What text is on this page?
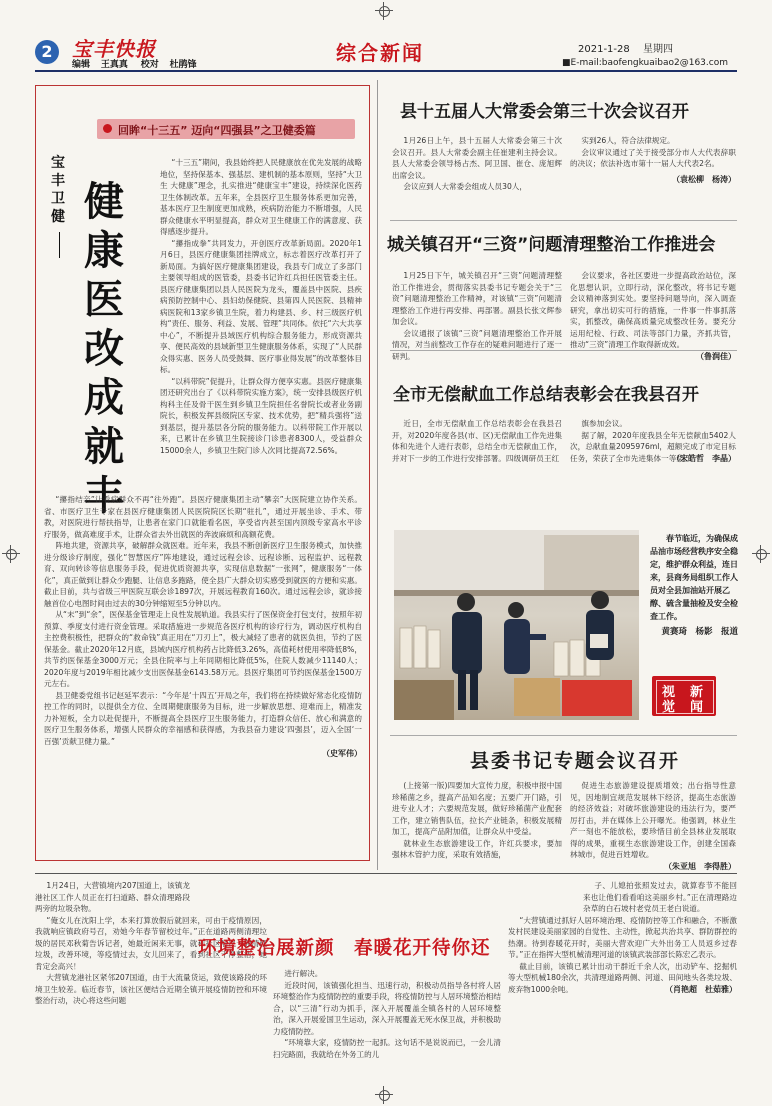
2 宝丰快报
编辑 王真真 校对 杜鹃锋	综合新闻	2021-1-28 星期四
■E-mail:baofengkuaibao2@163.com
回眸“十三五” 迈向“四强县”之卫健委篇
宝丰卫健 健康医改成就丰

“十三五”期间，我县始终把人民健康放在优先发展的战略地位，坚持保基本、强基层、建机制的基本原则，坚持“大卫生 大健康”理念，扎实推进“健康宝丰”建设，持续深化医药卫生体制改革。五年来，全县医疗卫生服务体系更加完善，基本医疗卫生制度更加成熟，疾病防治能力不断增强，人民群众健康水平明显提高，群众对卫生健康工作的满意度、获得感逐步提升。

“攥指成拳”共同发力，开创医疗改革新局面。2020年1月6日，县医疗健康集团挂牌成立，标志着医疗改革打开了新局面。为搞好医疗健康集团建设，我县专门成立了多部门主要领导组成的医管委，县委书记许红兵担任医管委主任。县医疗健康集团以县人民医院为龙头，覆盖县中医院、县疾病预防控制中心、县妇幼保健院、县第四人民医院、县精神病医院和13家乡镇卫生院，着力构建县、乡、村三级医疗机构“责任、服务、利益、发展、管理”共同体。依托“六大共享中心”，不断提升县域医疗机构综合服务能力，形成资源共享、便民高效的县域新型卫生健康服务体系，实现了“人民群众得实惠、医务人员受鼓舞、医疗事业得发展”的改革整体目标。

“以科带院”促提升，让群众得方便享实惠。县医疗健康集团还研究出台了《以科带院实施方案》，统一安排县级医疗机构科主任及骨干医生到乡镇卫生院担任名誉院长或者业务副院长，积极发挥县级院区专家、技术优势，把“精兵强将”送到基层，提升基层各分院的服务能力。以科带院工作开展以来，已累计在乡镇卫生院接诊门诊患者8300人，受益群众15000余人，乡镇卫生院门诊人次同比提高72.56%。

“攥指结亲”让看病群众不再“往外跑”。县医疗健康集团主动“攀亲”大医院建立协作关系。省、市医疗卫生专家在县医疗健康集团人民医院院区长期“驻扎”，通过开展坐诊、手术、带教，对医院进行帮扶指导，让患者在家门口就能看名医，享受省内甚至国内顶级专家高水平诊疗服务，做高难度手术，让群众省去外出就医的奔波麻烦和高额花费。

阵地共建，资源共享，破解群众就医难。近年来，我县不断创新医疗卫生服务模式，加快推进分级诊疗制度，强化“智慧医疗”阵地建设，通过远程会诊、远程诊断、远程监护、远程教育、双向转诊等信息服务手段，促进优质资源共享，实现信息数据“一张网”，健康服务“一体化”，真正做到让群众少跑腿、让信息多跑路，使全县广大群众切实感受到就医的方便和实惠。截止目前，共与省级三甲医院互联会诊1897次，开展远程教育160次。通过远程会诊，就诊接触首位心电图时间由过去的30分钟缩短至5分钟以内。

从“末”到“余”，医保基金管理走上良性发展轨道。我县实行了医保资金打包支付，按照年初预算、季度支付进行资金管理。采取措施进一步规范各医疗机构的诊疗行为，调动医疗机构自主控费积极性，把群众的“救命钱”真正用在“刀刃上”，极大减轻了患者的就医负担，节约了医保基金。截止2020年12月底，县域内医疗机构药占比降低3.26%，高值耗材使用率降低8%，共节约医保基金3000万元；全县住院率与上年同期相比降低5%，住院人数减少11140人；2020年度与2019年相比减少支出医保基金6143.58万元。县医疗集团可节约医保基金1500万元左右。

县卫健委党组书记赵延军表示：“今年是‘十四五’开局之年，我们将在持续做好常态化疫情防控工作的同时，以提供全方位、全周期健康服务为目标，进一步解放思想、迎难而上，精准发力补短板，全力以赴促提升，不断提高全县医疗卫生服务能力，打造群众信任、放心和满意的医疗卫生服务体系，增强人民群众的幸福感和获得感，为我县奋力建设‘四强县’，迈入全国‘一百强’贡献卫健力量。”

（史军伟）
县十五届人大常委会第三十次会议召开

1月26日上午，县十五届人大常委会第三十次会议召开。县人大常委会副主任崔建利主持会议。县人大常委会领导杨占杰、阿卫国、崔仓、庞旭辉出席会议。

会议应到人大常委会组成人员30人，

实到26人，符合法律规定。

会议审议通过了关于接受部分市人大代表辞职的决议；依法补选市第十一届人大代表2名。

（袁松柳　杨涛）
城关镇召开“三资”问题清理整治工作推进会

1月25日下午，城关镇召开“三资”问题清理整治工作推进会，贯彻落实县委书记专题会关于“三资”问题清理整治工作精神，对该镇“三资”问题清理整治工作进行再安排、再部署。副县长张文辉参加会议。

会议通报了该镇“三资”问题清理整治工作开展情况，对当前整改工作存在的疑难问题进行了逐一研判。

会议要求，各社区要进一步提高政治站位，深化思想认识，立即行动，深化整改，将书记专题会议精神落到实处。要坚持问题导向，深入调查研究，拿出切实可行的措施，一件事一件事抓落实，抓整改，确保高质量完成整改任务。要充分运用纪检、行政、司法等部门力量，齐抓共管，推动“三资”清理工作取得新成效。

（鲁润佳）
全市无偿献血工作总结表彰会在我县召开

近日，全市无偿献血工作总结表彰会在我县召开，对2020年度各县(市、区)无偿献血工作先进集体和先进个人进行表彰，总结全市无偿献血工作，并对下一步的工作进行安排部署。四级调研员王红

旗参加会议。

据了解，2020年度我县全年无偿献血5402人次，总献血量2095976ml，超额完成了市定目标任务，荣获了全市先进集体一等奖。

（宋皓哲　李晶）

春节临近，为确保成品油市场经营秩序安全稳定，维护群众利益，连日来，县商务局组织工作人员对全县加油站开展乙醇、硫含量抽检及安全检查工作。

黄赛琦　杨影　报道
视 新
觉 闻
县委书记专题会议召开

(上接第一版)四要加大宣传力度，积极申报中国珍稀菌之乡，提高产品知名度；五要广开门路，引进专业人才；六要规范发展，做好珍稀菌产业配套工作，建立销售队伍，拉长产业链条，积极发展精加工，提高产品附加值，让群众从中受益。

就林业生态旅游建设工作，许红兵要求，要加强林木管护力度，采取有效措施，

促进生态旅游建设提质增效；出台指导性意见，因地制宜规范发展林下经济，提高生态旅游的经济效益；对破坏旅游建设的违法行为，要严厉打击，并在媒体上公开曝光。他强调，林业生产一刻也不能放松，要珍惜目前全县林业发展取得的成果，重视生态旅游建设工作，创建全国森林城市，促进百姓增收。

（朱亚旭　李得胜）

1月24日，大营镇境内207国道上，该镇龙港社区工作人员正在打扫道路、群众清理路段两旁的垃圾杂物。

“俺女儿在沈阳上学，本来打算放假后就回来，可由于疫情原因，我就响应镇政府号召，劝她今年春节留校过年。”正在道路两侧清理垃圾的居民邓秋菊告诉记者，她最近闲来无事，就和社区居民一起清理垃圾，改善环境，等疫情过去，女儿回来了，看到社区干净整洁，她肯定会高兴！

大营镇龙港社区紧邻207国道，由于大流量货运，致使该路段的环境卫生较差。临近春节，该社区便结合近期全镇开展疫情防控和环境整治行动，决心将这些问题

环境整治展新颜　春暖花开待你还

进行解决。

近段时间，该镇强化担当、迅速行动，积极动员指导各村将人居环境整治作为疫情防控的重要手段，将疫情防控与人居环境整治相结合，以“三清”行动为抓手，深入开展覆盖全镇各村的人居环境整治，深入开展爱国卫生运动，深入开展覆盖无死水保卫战，并积极助力疫情防控。

“环境靠大家，疫情防控一起抓。这句话不是说说而已，一会儿清扫完路面，我就给在外务工的儿

子、儿媳拍张照发过去，就算春节不能回来也让他们看看咱这美丽乡村。”正在清理路边杂草的白石坡村老党员王老白说道。

“大营镇通过抓好人居环境治理、疫情防控等工作和融合，不断激发村民建设美丽家园的自觉性、主动性，掀起共治共享、群防群控的热潮。待到春暖花开时，美丽大营欢迎广大外出务工人员返乡过春节。”正在指挥大型机械清理河道的该镇武装部部长陈宏乙表示。

截止目前，该镇已累计出动干群近千余人次，出动铲车、挖掘机等大型机械180余次，共清理道路两侧、河道、田间地头各类垃圾、废弃物1000余吨。	（肖艳超　杜茹雅）
